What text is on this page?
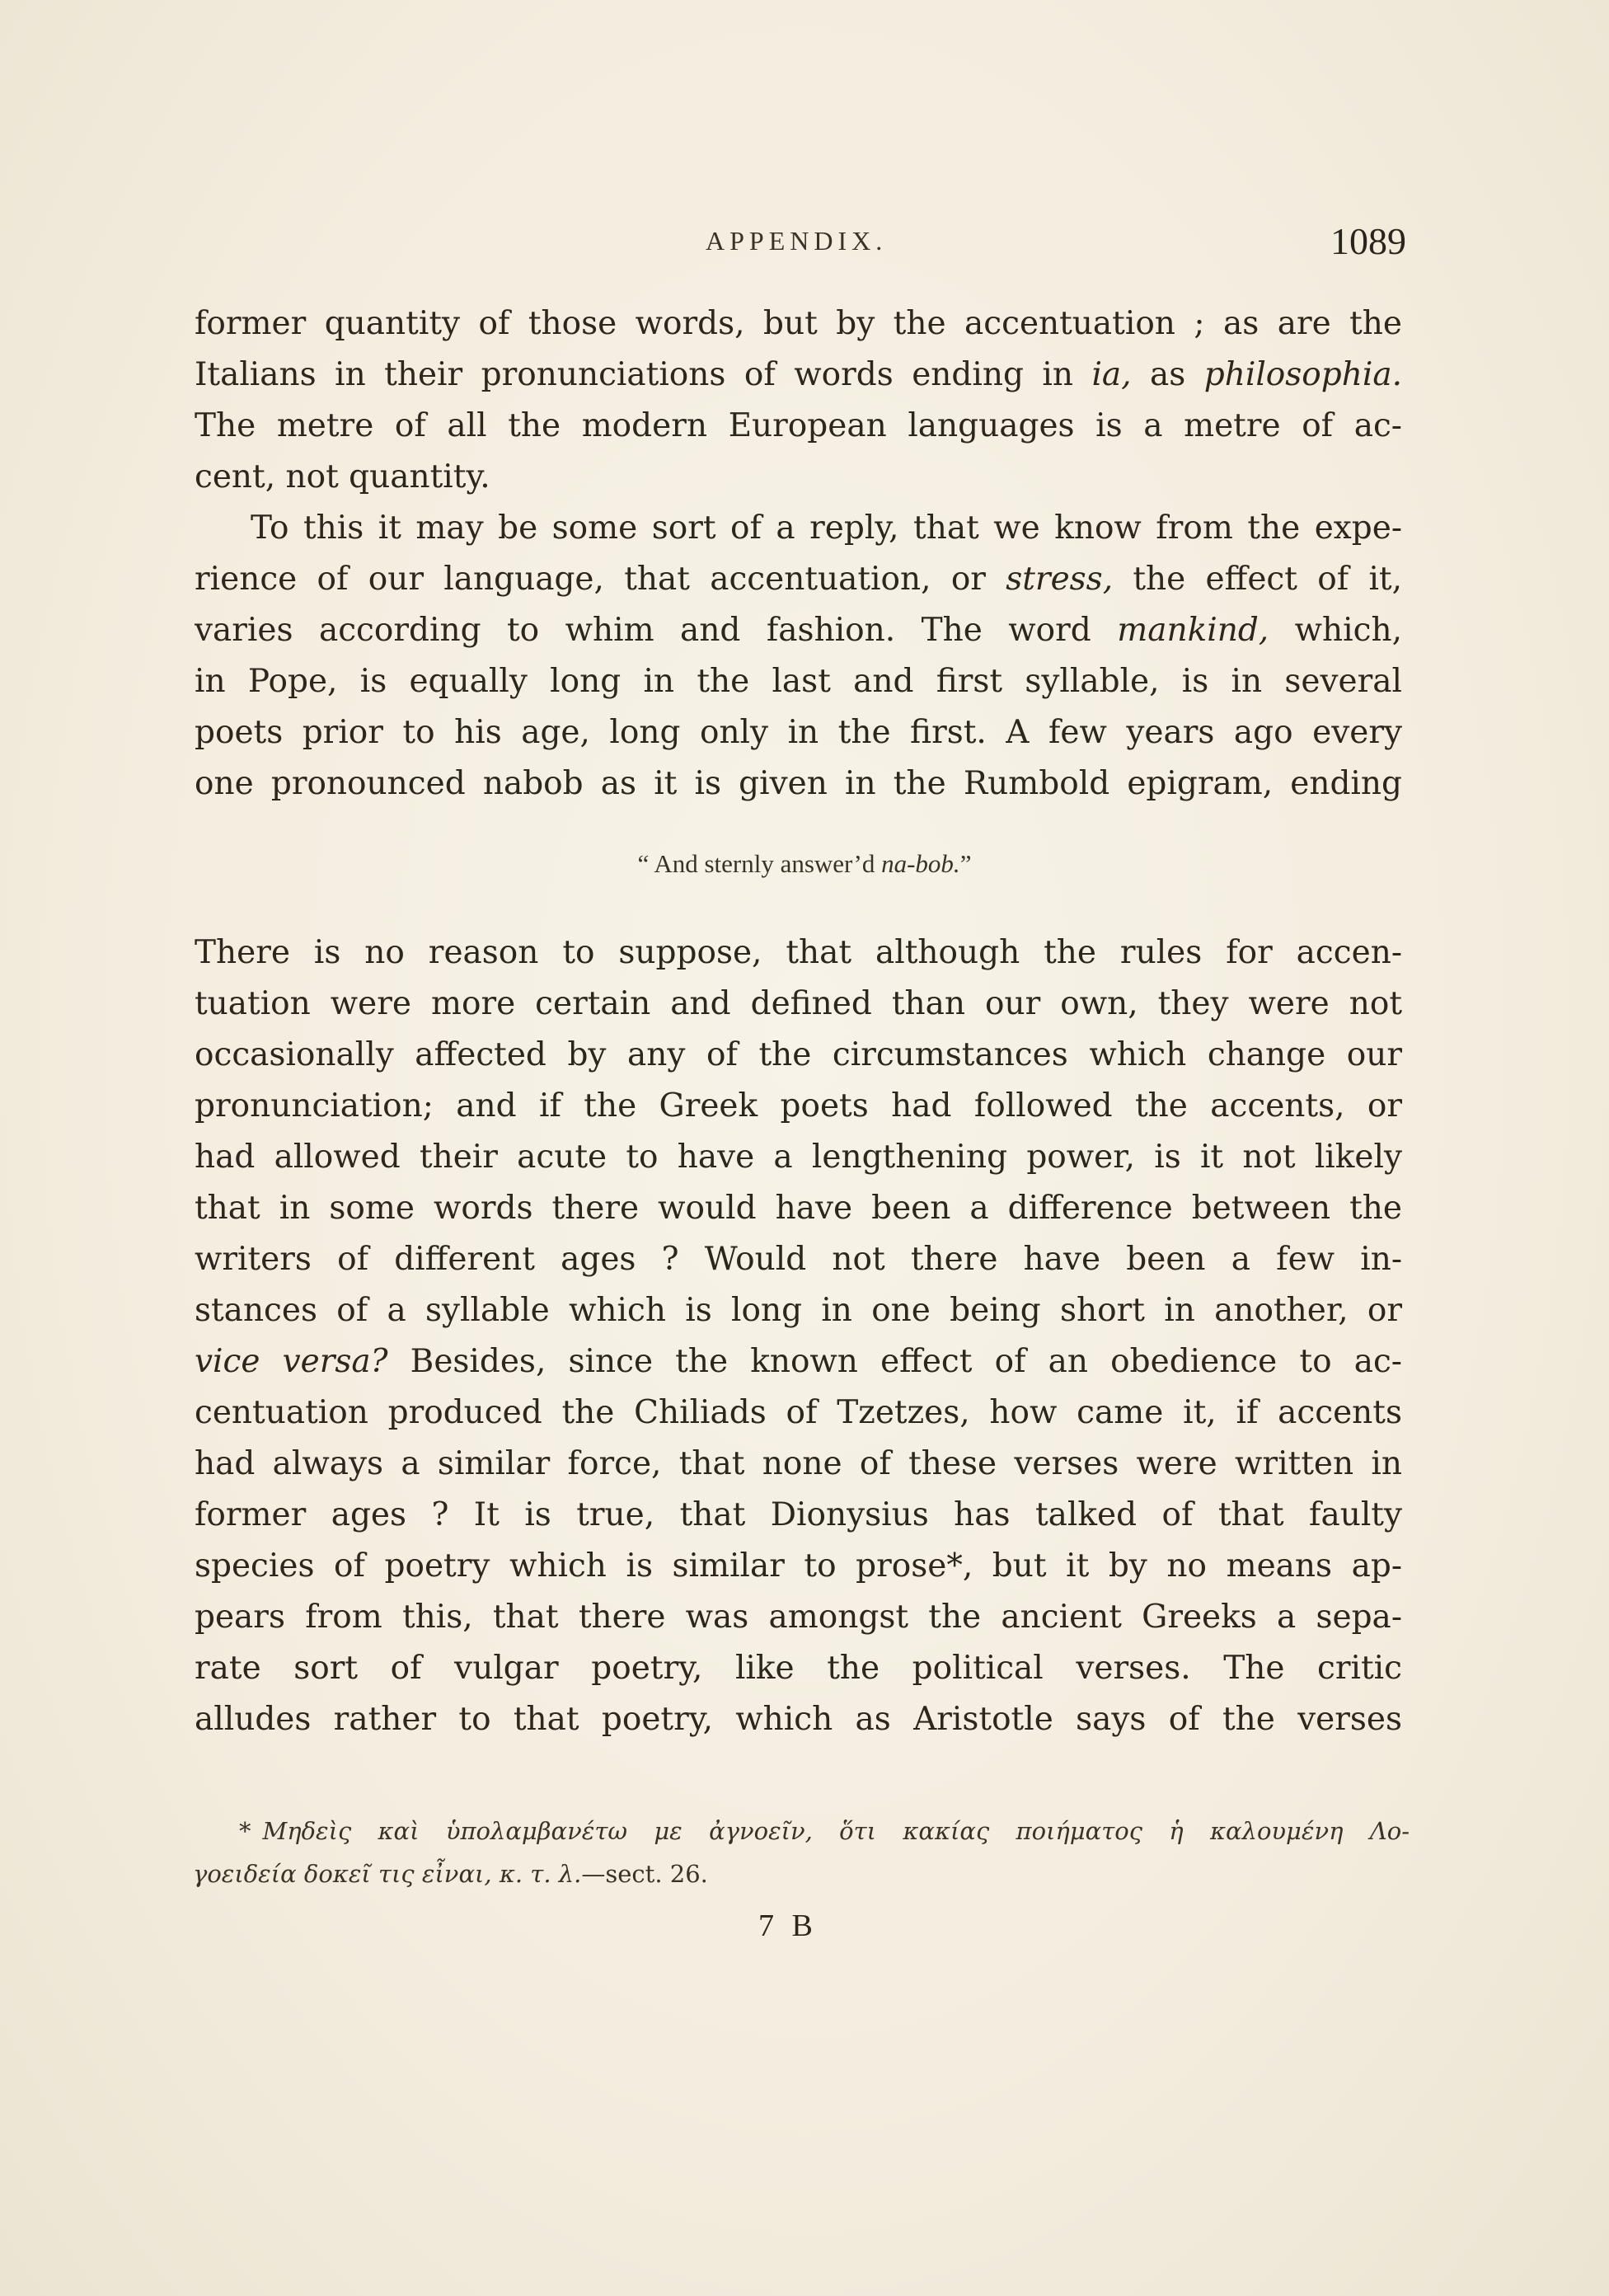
APPENDIX.	1089
former quantity of those words, but by the accentuation ; as are the
Italians in their pronunciations of words ending in ia, as philosophia.
The metre of all the modern European languages is a metre of ac-
cent, not quantity.
To this it may be some sort of a reply, that we know from the expe-
rience of our language, that accentuation, or stress, the effect of it,
varies according to whim and fashion. The word mankind, which,
in Pope, is equally long in the last and first syllable, is in several
poets prior to his age, long only in the first. A few years ago every
one pronounced nabob as it is given in the Rumbold epigram, ending
“ And sternly answer’d na-bob.”
There is no reason to suppose, that although the rules for accen-
tuation were more certain and defined than our own, they were not
occasionally affected by any of the circumstances which change our
pronunciation; and if the Greek poets had followed the accents, or
had allowed their acute to have a lengthening power, is it not likely
that in some words there would have been a difference between the
writers of different ages ? Would not there have been a few in-
stances of a syllable which is long in one being short in another, or
vice versa? Besides, since the known effect of an obedience to ac-
centuation produced the Chiliads of Tzetzes, how came it, if accents
had always a similar force, that none of these verses were written in
former ages ? It is true, that Dionysius has talked of that faulty
species of poetry which is similar to prose*, but it by no means ap-
pears from this, that there was amongst the ancient Greeks a sepa-
rate sort of vulgar poetry, like the political verses. The critic
alludes rather to that poetry, which as Aristotle says of the verses
* Μηδεὶς καὶ ὑπολαμβανέτω με ἀγνοεῖν, ὅτι κακίας ποιήματος ἡ καλουμένη Λο-
γοειδεία δοκεῖ τις εἶναι, κ. τ. λ.—sect. 26.
7 B
